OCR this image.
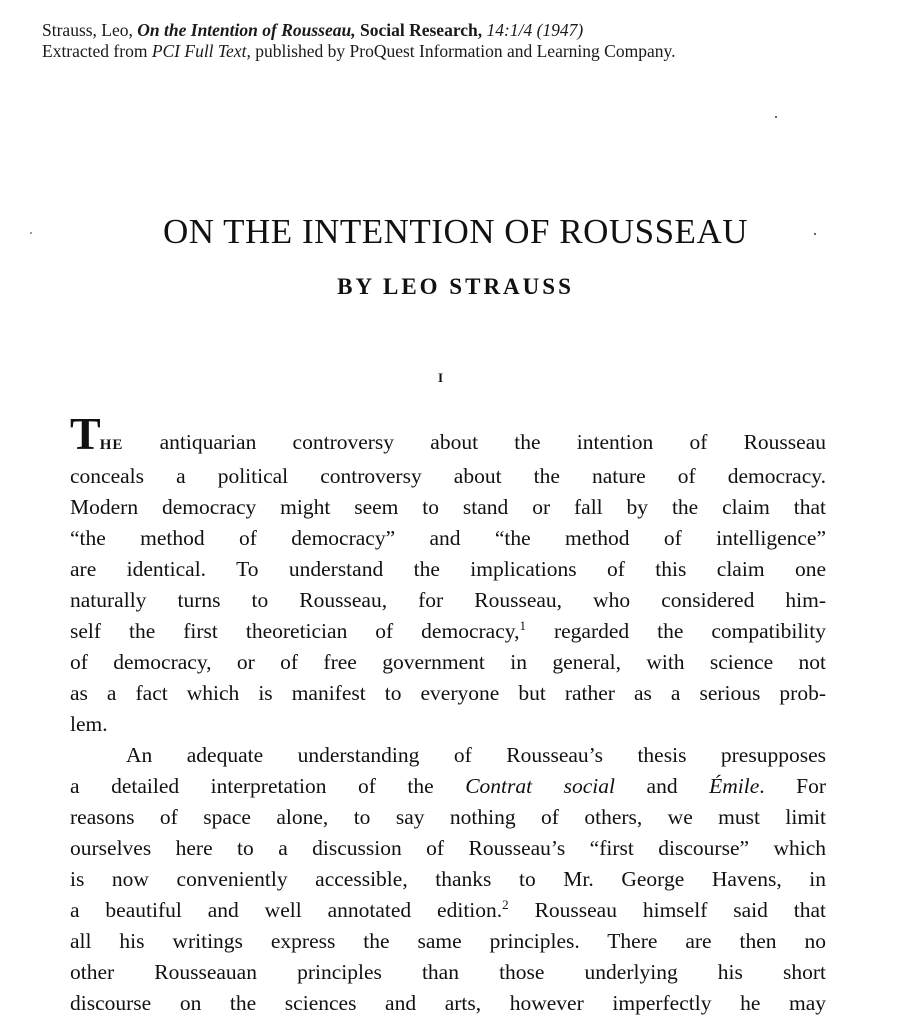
Strauss, Leo, On the Intention of Rousseau, Social Research, 14:1/4 (1947)
Extracted from PCI Full Text, published by ProQuest Information and Learning Company.
ON THE INTENTION OF ROUSSEAU
BY LEO STRAUSS
I

THE antiquarian controversy about the intention of Rousseau
conceals a political controversy about the nature of democracy.
Modern democracy might seem to stand or fall by the claim that
“the method of democracy” and “the method of intelligence”
are identical. To understand the implications of this claim one
naturally turns to Rousseau, for Rousseau, who considered him-
self the first theoretician of democracy,$^1$ regarded the compatibility
of democracy, or of free government in general, with science not
as a fact which is manifest to everyone but rather as a serious prob-
lem.

An adequate understanding of Rousseau’s thesis presupposes
a detailed interpretation of the Contrat social and Émile. For
reasons of space alone, to say nothing of others, we must limit
ourselves here to a discussion of Rousseau’s “first discourse” which
is now conveniently accessible, thanks to Mr. George Havens, in
a beautiful and well annotated edition.$^2$ Rousseau himself said that
all his writings express the same principles. There are then no
other Rousseauan principles than those underlying his short
discourse on the sciences and arts, however imperfectly he may
